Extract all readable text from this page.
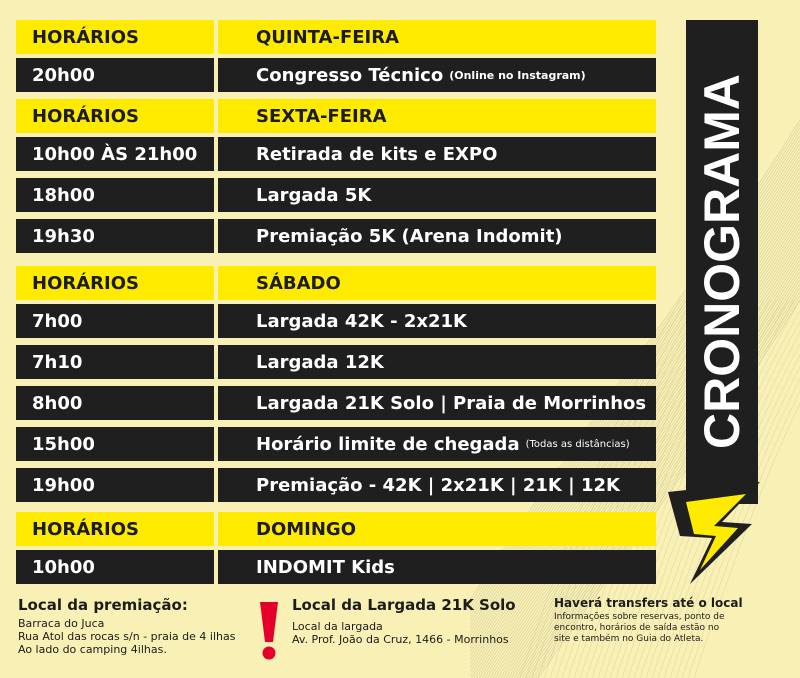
HORÁRIOS	QUINTA-FEIRA
20h00	Congresso Técnico (Online no Instagram)
HORÁRIOS	SEXTA-FEIRA
10h00 ÀS 21h00	Retirada de kits e EXPO
18h00	Largada 5K
19h30	Premiação 5K (Arena Indomit)
HORÁRIOS	SÁBADO
7h00	Largada 42K - 2x21K
7h10	Largada 12K
8h00	Largada 21K Solo | Praia de Morrinhos
15h00	Horário limite de chegada (Todas as distâncias)
19h00	Premiação - 42K | 2x21K | 21K | 12K
HORÁRIOS	DOMINGO
10h00	INDOMIT Kids
CRONOGRAMA
Local da premiação:
Barraca do Juca
Rua Atol das rocas s/n - praia de 4 ilhas
Ao lado do camping 4ilhas.
Local da Largada 21K Solo
Local da largada
Av. Prof. João da Cruz, 1466 - Morrinhos
Haverá transfers até o local
Informações sobre reservas, ponto de
encontro, horários de saída estão no
site e também no Guia do Atleta.
